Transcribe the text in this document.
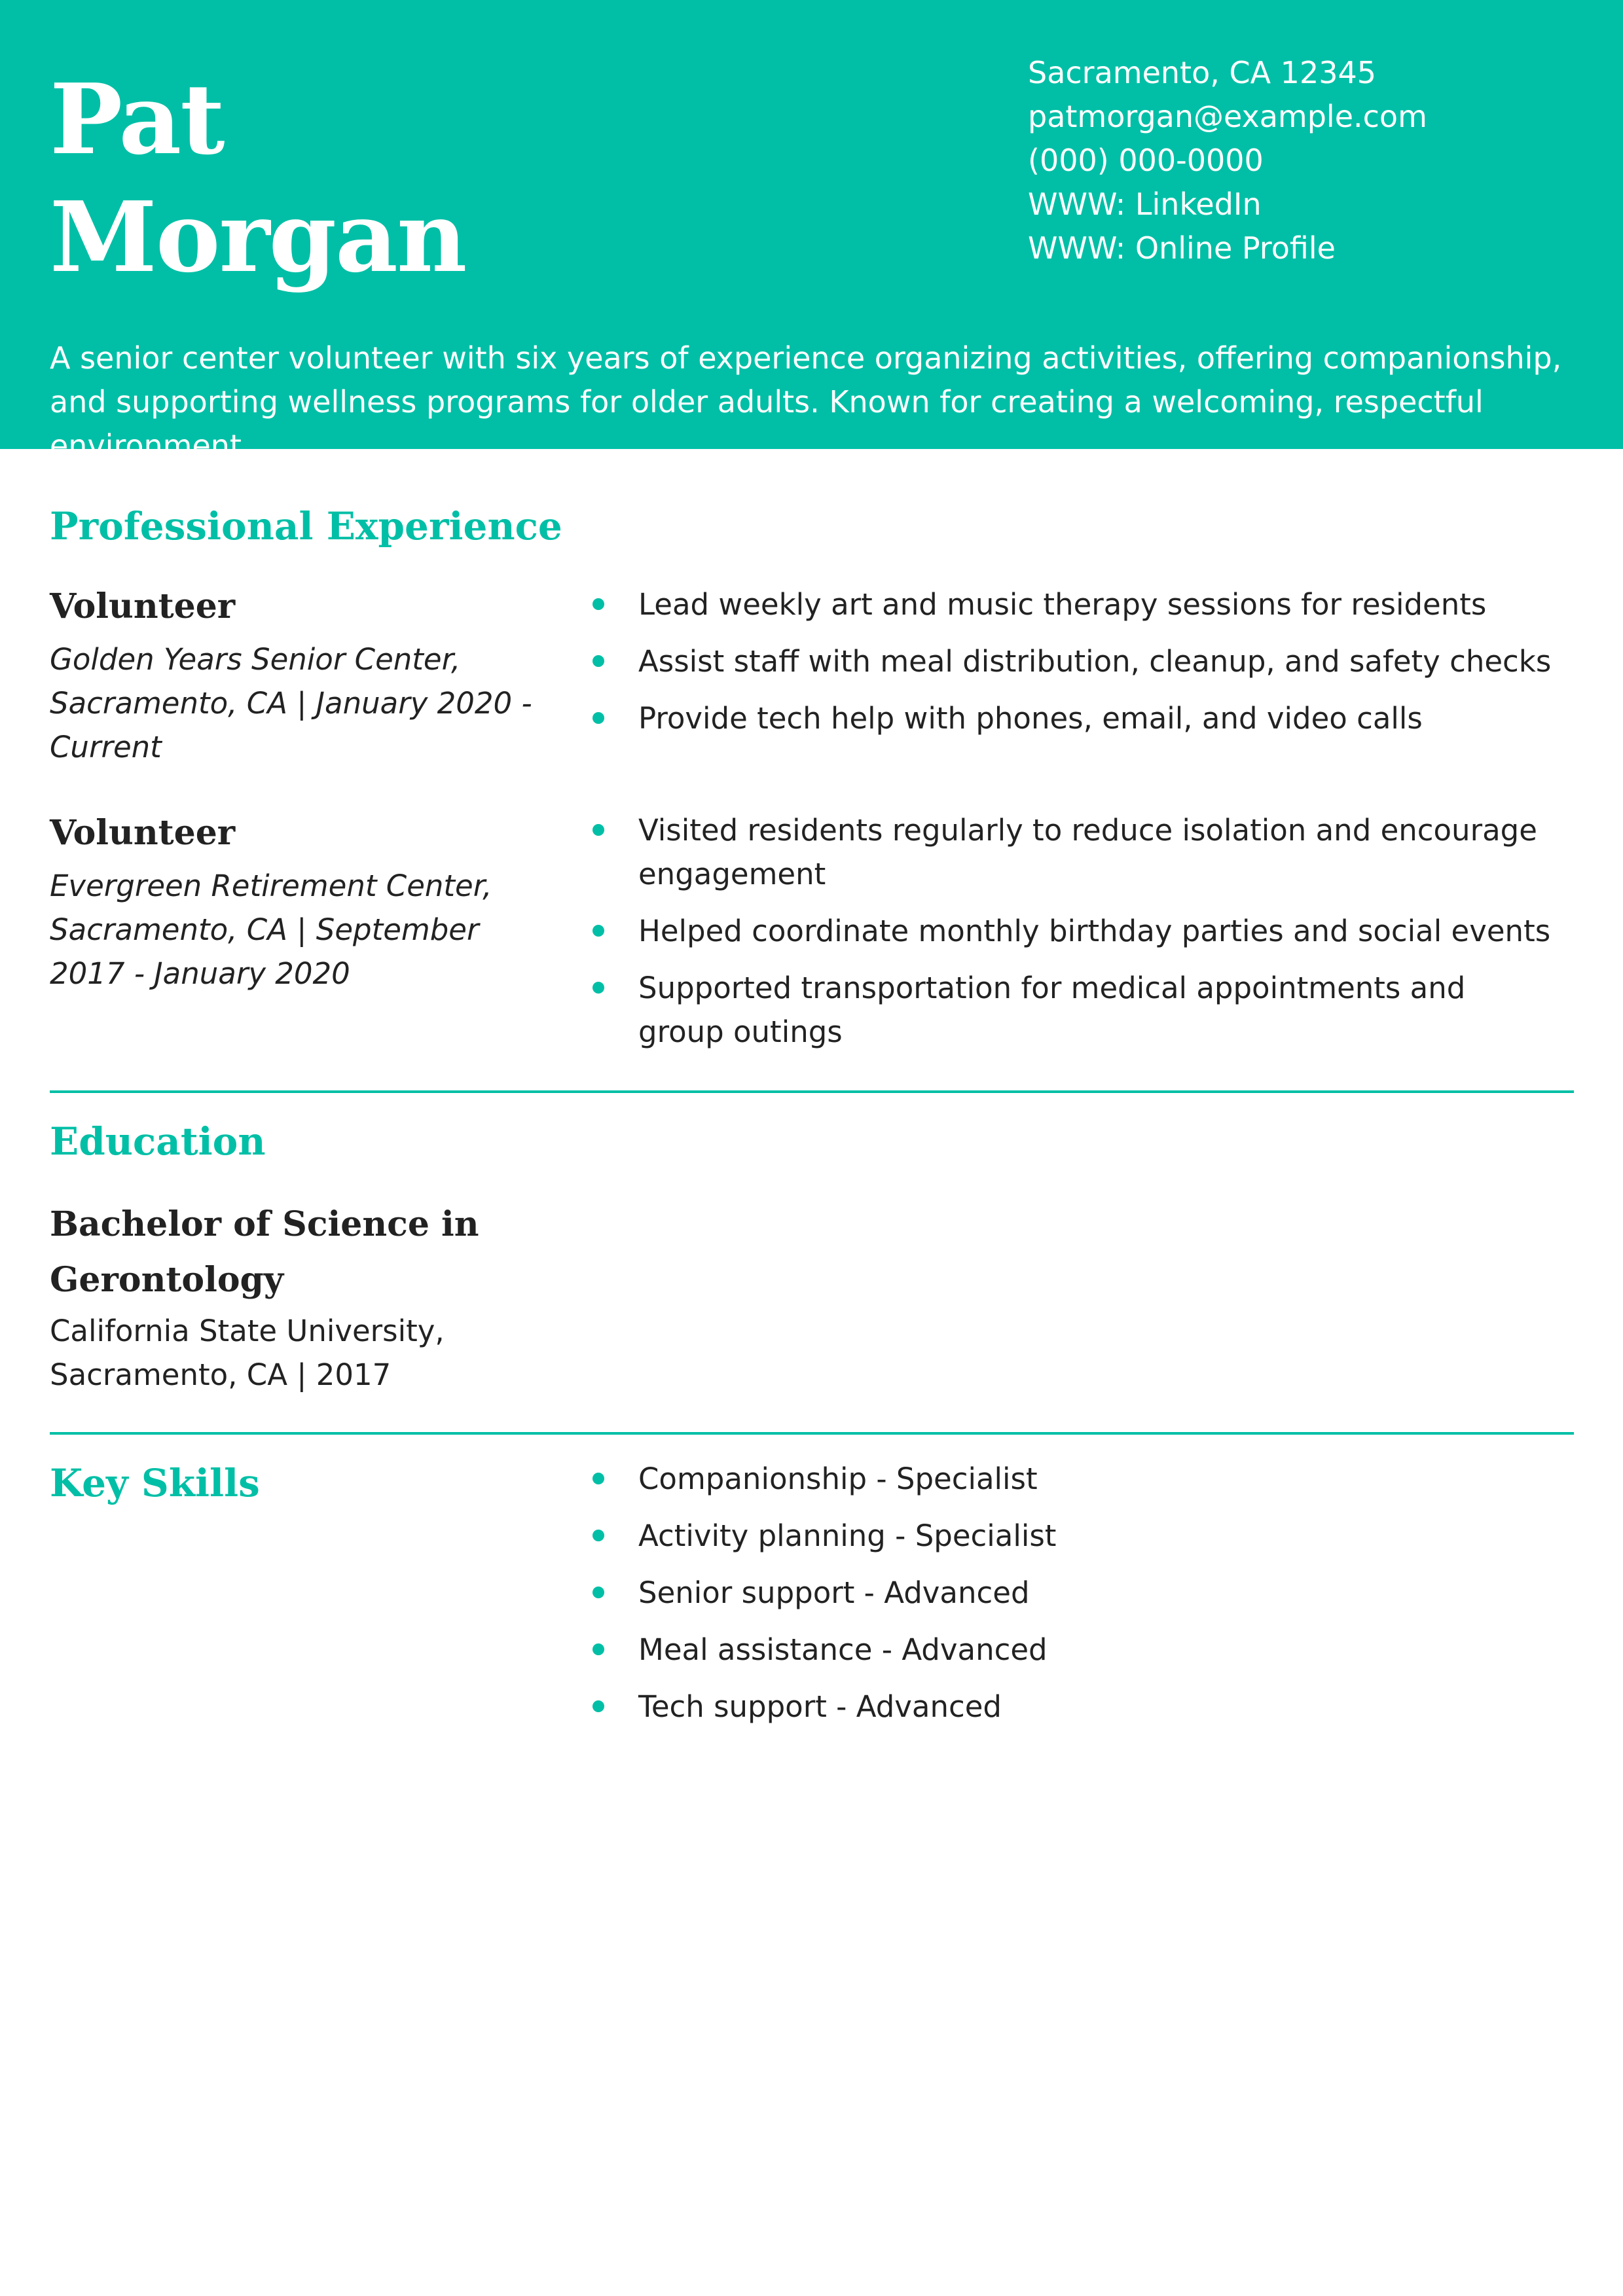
Pat
Morgan
Sacramento, CA 12345
patmorgan@example.com
(000) 000-0000
WWW: LinkedIn
WWW: Online Profile
A senior center volunteer with six years of experience organizing activities, offering companionship, and supporting wellness programs for older adults. Known for creating a welcoming, respectful environment.
Professional Experience
Volunteer
Golden Years Senior Center, Sacramento, CA | January 2020 - Current
Lead weekly art and music therapy sessions for residents
Assist staff with meal distribution, cleanup, and safety checks
Provide tech help with phones, email, and video calls
Volunteer
Evergreen Retirement Center, Sacramento, CA | September 2017 - January 2020
Visited residents regularly to reduce isolation and encourage engagement
Helped coordinate monthly birthday parties and social events
Supported transportation for medical appointments and group outings
Education
Bachelor of Science in Gerontology
California State University, Sacramento, CA | 2017
Key Skills	Companionship - Specialist
Activity planning - Specialist
Senior support - Advanced
Meal assistance - Advanced
Tech support - Advanced
